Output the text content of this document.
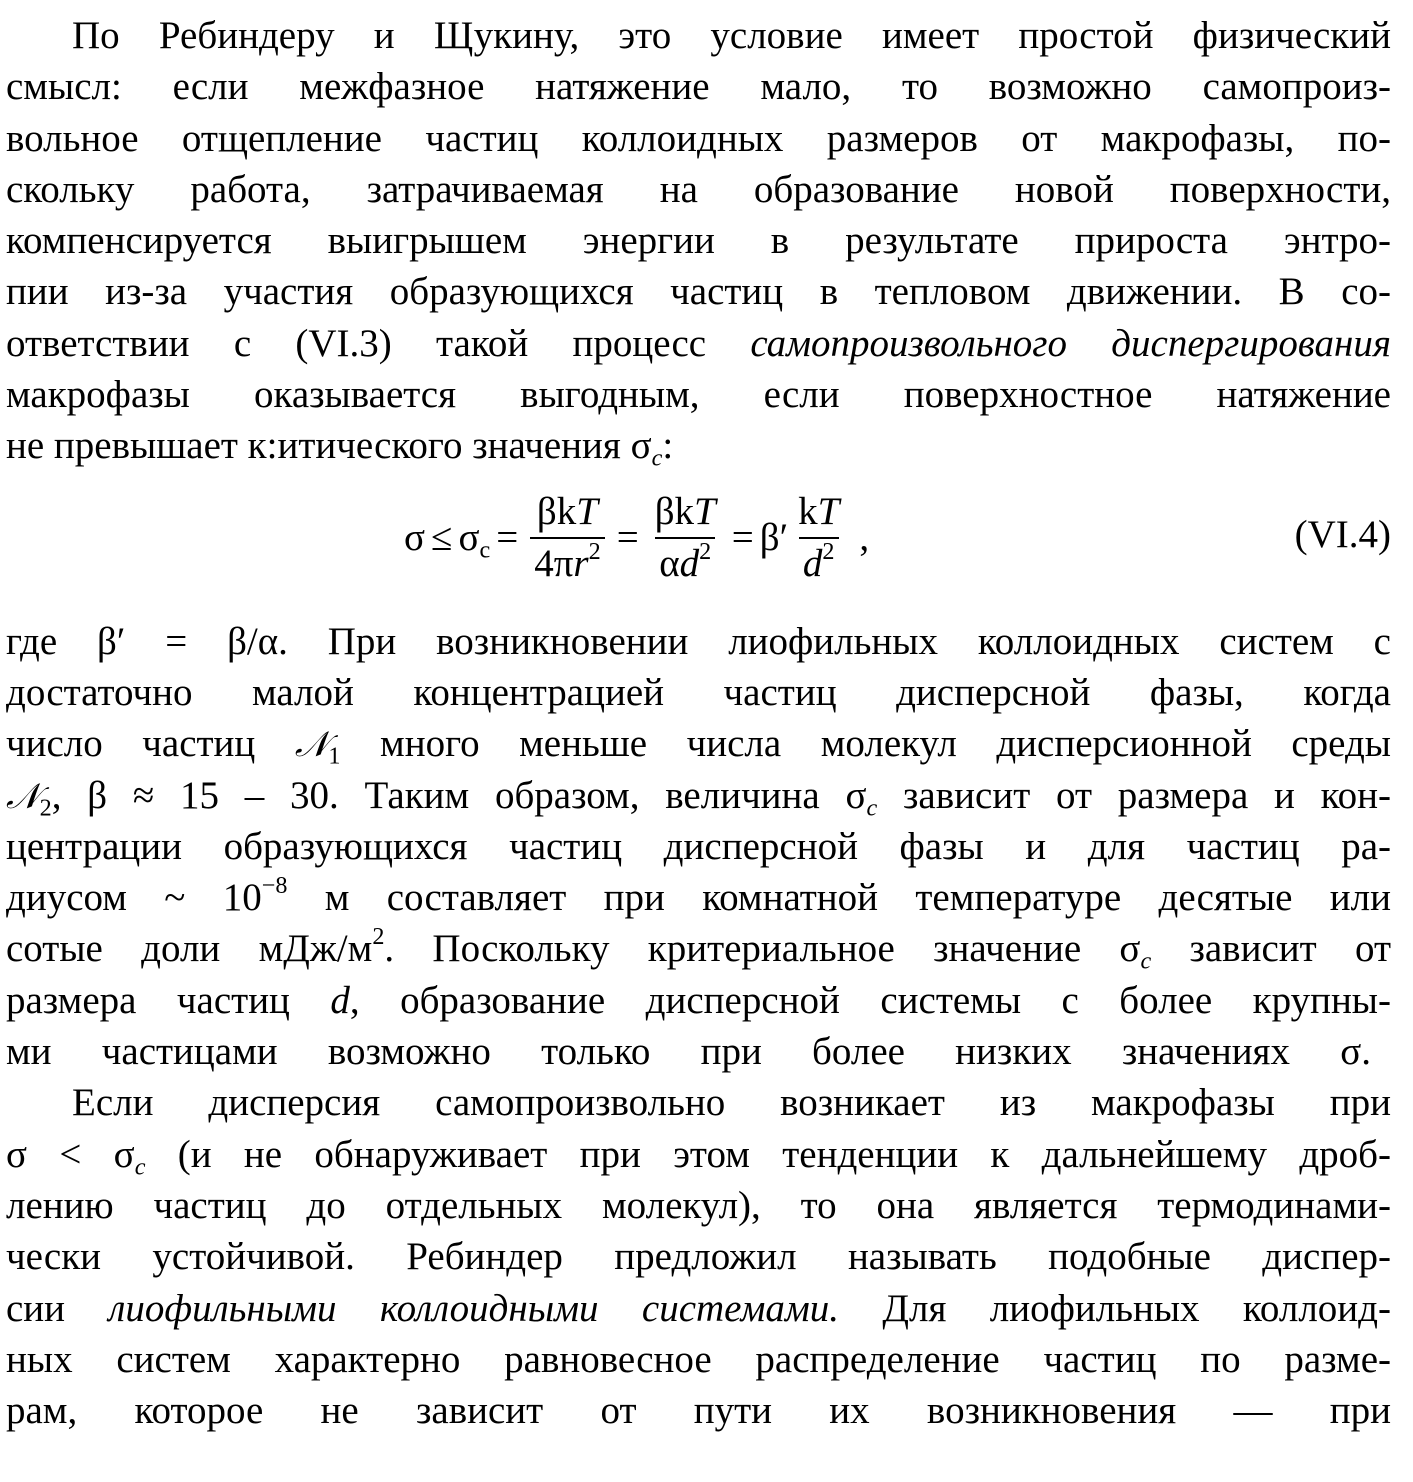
По Ребиндеру и Щукину, это условие имеет простой физический
смысл: если межфазное натяжение мало, то возможно самопроиз-
вольное отщепление частиц коллоидных размеров от макрофазы, по-
скольку работа, затрачиваемая на образование новой поверхности,
компенсируется выигрышем энергии в результате прироста энтро-
пии из-за участия образующихся частиц в тепловом движении. В со-
ответствии с (VI.3) такой процесс самопроизвольного диспергирования
макрофазы оказывается выгодным, если поверхностное натяжение
не превышает к:итического значения $\sigma_c$:
$\sigma \le \sigma_c = \frac{\text{βkT}}{4\pi r^2} = \frac{\text{βkT}}{\alpha d^2} = \beta' \frac{kT}{d^2}$ ,	(VI.4)
где β′ = β/α. При возникновении лиофильных коллоидных систем с
достаточно малой концентрацией частиц дисперсной фазы, когда
число частиц 𝒩$_1$ много меньше числа молекул дисперсионной среды
𝒩$_2$, β ≈ 15 – 30. Таким образом, величина $\sigma_c$ зависит от размера и кон-
центрации образующихся частиц дисперсной фазы и для частиц ра-
диусом ~ $10^{-8}$ м составляет при комнатной температуре десятые или
сотые доли мДж/$м^2$. Поскольку критериальное значение $\sigma_c$ зависит от
размера частиц d, образование дисперсной системы с более крупны-
ми частицами возможно только при более низких значениях σ.
Если дисперсия самопроизвольно возникает из макрофазы при
$\sigma < \sigma_c$ (и не обнаруживает при этом тенденции к дальнейшему дроб-
лению частиц до отдельных молекул), то она является термодинами-
чески устойчивой. Ребиндер предложил называть подобные диспер-
сии лиофильными коллоидными системами. Для лиофильных коллоид-
ных систем характерно равновесное распределение частиц по разме-
рам, которое не зависит от пути их возникновения — при
